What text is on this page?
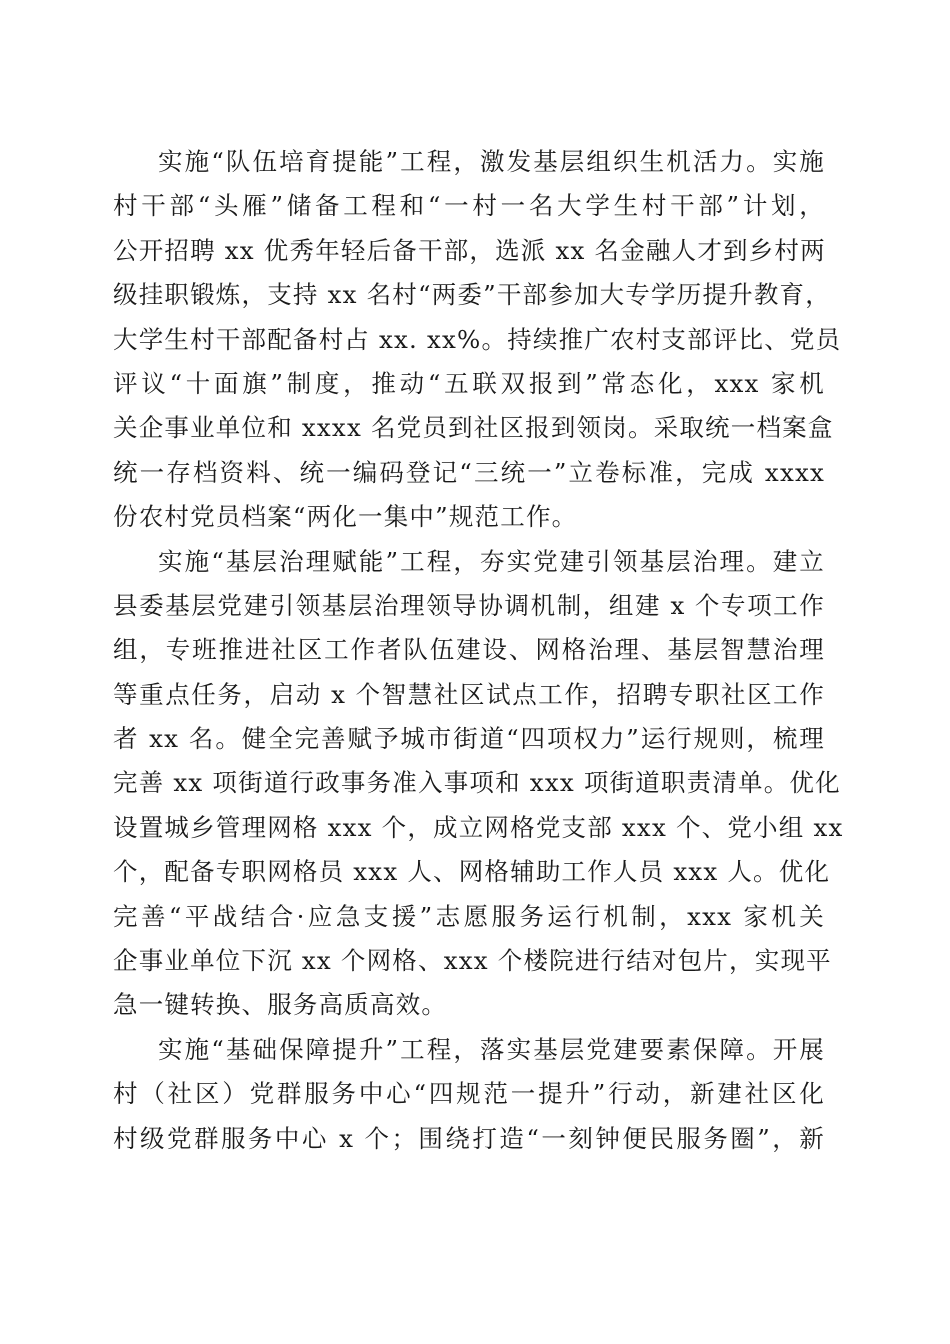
实施“队伍培育提能”工程，激发基层组织生机活力。实施
村干部“头雁”储备工程和“一村一名大学生村干部”计划，
公开招聘 xx 优秀年轻后备干部，选派 xx 名金融人才到乡村两
级挂职锻炼，支持 xx 名村“两委”干部参加大专学历提升教育，
大学生村干部配备村占 xx. xx%。持续推广农村支部评比、党员
评议“十面旗”制度，推动“五联双报到”常态化，xxx 家机
关企事业单位和 xxxx 名党员到社区报到领岗。采取统一档案盒
统一存档资料、统一编码登记“三统一”立卷标准，完成 xxxx
份农村党员档案“两化一集中”规范工作。
实施“基层治理赋能”工程，夯实党建引领基层治理。建立
县委基层党建引领基层治理领导协调机制，组建 x 个专项工作
组，专班推进社区工作者队伍建设、网格治理、基层智慧治理
等重点任务，启动 x 个智慧社区试点工作，招聘专职社区工作
者 xx 名。健全完善赋予城市街道“四项权力”运行规则，梳理
完善 xx 项街道行政事务准入事项和 xxx 项街道职责清单。优化
设置城乡管理网格 xxx 个，成立网格党支部 xxx 个、党小组 xx
个，配备专职网格员 xxx 人、网格辅助工作人员 xxx 人。优化
完善“平战结合·应急支援”志愿服务运行机制，xxx 家机关
企事业单位下沉 xx 个网格、xxx 个楼院进行结对包片，实现平
急一键转换、服务高质高效。
实施“基础保障提升”工程，落实基层党建要素保障。开展
村（社区）党群服务中心“四规范一提升”行动，新建社区化
村级党群服务中心 x 个；围绕打造“一刻钟便民服务圈”，新
